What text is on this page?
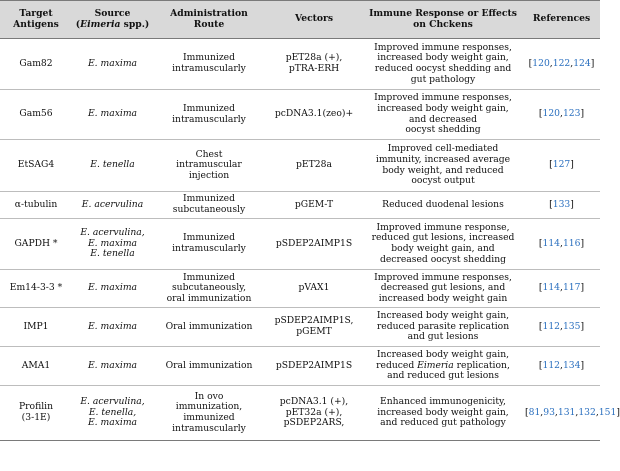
Target
Antigens	Source
(Eimeria spp.)	Administration
Route	Vectors	Immune Response or Effects
on Chckens	References

Gam82	E. maxima	Immunized
intramuscularly	pET28a (+),
pTRA-ERH	Improved immune responses,
increased body weight gain,
reduced oocyst shedding and
gut pathology	[120,122,124]
Gam56	E. maxima	Immunized
intramuscularly	pcDNA3.1(zeo)+	Improved immune responses,
increased body weight gain,
and decreased
oocyst shedding	[120,123]
EtSAG4	E. tenella	Chest
intramuscular
injection	pET28a	Improved cell-mediated
immunity, increased average
body weight, and reduced
oocyst output	[127]
α-tubulin	E. acervulina	Immunized
subcutaneously	pGEM-T	Reduced duodenal lesions	[133]
GAPDH *	E. acervulina,
E. maxima
E. tenella	Immunized
intramuscularly	pSDEP2AIMP1S	Improved immune response,
reduced gut lesions, increased
body weight gain, and
decreased oocyst shedding	[114,116]
Em14-3-3 *	E. maxima	Immunized
subcutaneously,
oral immunization	pVAX1	Improved immune responses,
decreased gut lesions, and
increased body weight gain	[114,117]
IMP1	E. maxima	Oral immunization	pSDEP2AIMP1S,
pGEMT	Increased body weight gain,
reduced parasite replication
and gut lesions	[112,135]
AMA1	E. maxima	Oral immunization	pSDEP2AIMP1S	Increased body weight gain,
reduced Eimeria replication,
and reduced gut lesions	[112,134]

Profilin
(3-1E)	E. acervulina,
E. tenella,
E. maxima	In ovo
immunization,
immunized
intramuscularly	pcDNA3.1 (+),
pET32a (+),
pSDEP2ARS,	Enhanced immunogenicity,
increased body weight gain,
and reduced gut pathology	[81,93,131,132,151]
